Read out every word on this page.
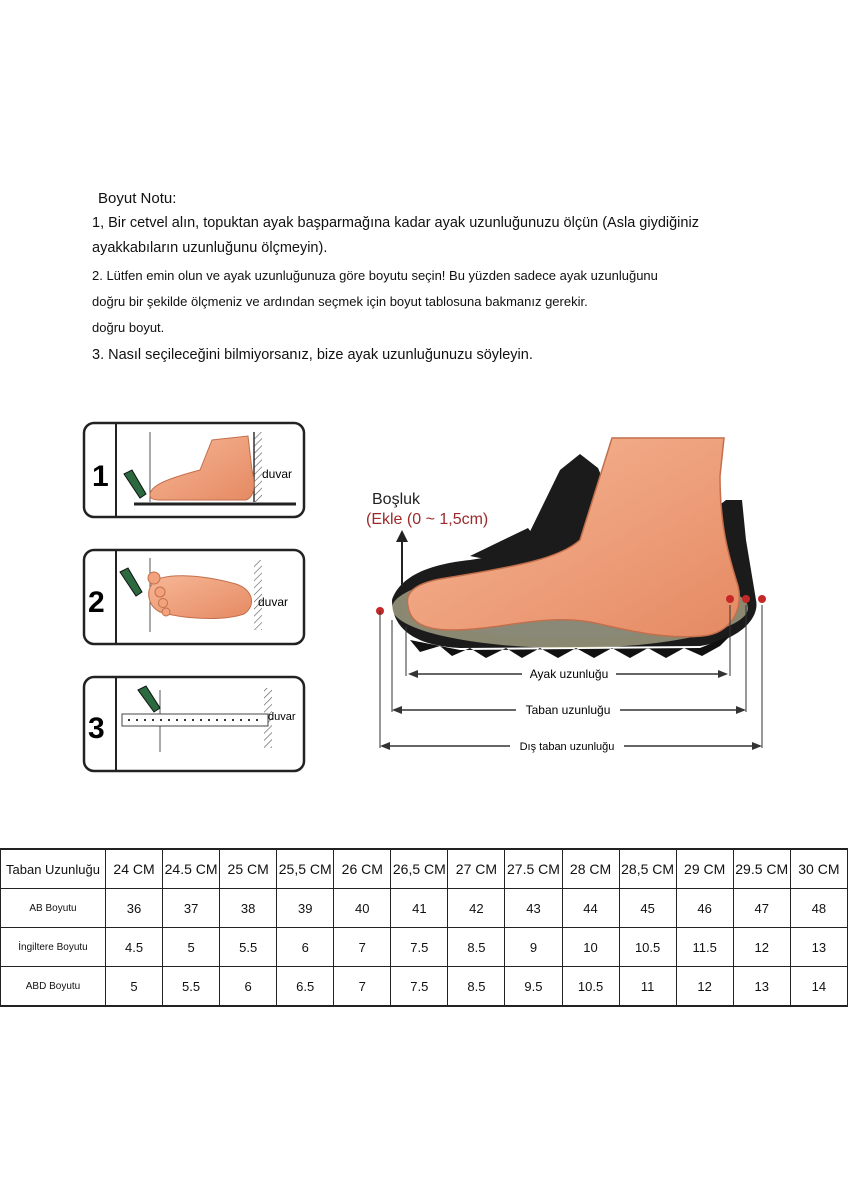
Boyut Notu:
1, Bir cetvel alın, topuktan ayak başparmağına kadar ayak uzunluğunuzu ölçün (Asla giydiğiniz
ayakkabıların uzunluğunu ölçmeyin).
2. Lütfen emin olun ve ayak uzunluğunuza göre boyutu seçin! Bu yüzden sadece ayak uzunluğunu
doğru bir şekilde ölçmeniz ve ardından seçmek için boyut tablosuna bakmanız gerekir.
doğru boyut.
3. Nasıl seçileceğini bilmiyorsanız, bize ayak uzunluğunuzu söyleyin.
1	duvar
2	duvar
3	duvar
Boşluk
(Ekle (0 ~ 1,5cm)
Ayak uzunluğu
Taban uzunluğu
Dış taban uzunluğu
Taban Uzunluğu	24 CM	24.5 CM	25 CM	25,5 CM	26 CM	26,5 CM	27 CM	27.5 CM	28 CM	28,5 CM	29 CM	29.5 CM	30 CM
AB Boyutu	36	37	38	39	40	41	42	43	44	45	46	47	48
İngiltere Boyutu	4.5	5	5.5	6	7	7.5	8.5	9	10	10.5	11.5	12	13
ABD Boyutu	5	5.5	6	6.5	7	7.5	8.5	9.5	10.5	11	12	13	14
